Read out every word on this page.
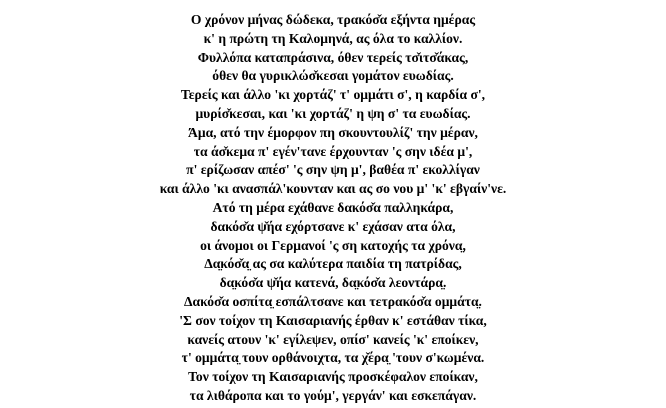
Ο χρόνον μήνας δώδεκα, τρακόσ̌α εξήντα ημέρας
κ' η πρώτη τη Καλομηνά, ας όλα το καλλίον.
Φυλλόπα καταπράσινα, όθεν τερείς τσ̌ιτσ̌άκας,
όθεν θα γυρικλώσ̌κεσαι γομάτον ευωδίας.
Τερείς και άλλο 'κι χορτάζ' τ' ομμάτι σ', η καρδία σ',
μυρίσ̌κεσαι, και 'κι χορτάζ' η ψη σ' τα ευωδίας.
Άμα, ατό την έμορφον πη σκουντουλίζ' την μέραν,
τα άσ̌κεμα π' εγέν'τανε έρχουνταν 'ς σην ιδέα μ',
π' ερίζωσαν απέσ' 'ς σην ψη μ', βαθέα π' εκολλίγαν
και άλλο 'κι ανασπάλ'κουνταν και ας σο νου μ' 'κ' εβγαίν'νε.
Ατό τη μέρα εχάθανε δακόσ̌α παλληκάρα,
δακόσ̌α ψ̌ήα εχόρτσανε κ' εχάσαν ατα όλα,
οι άνομοι οι Γερμανοί 'ς ση κατοχής τα χρόνα̤,
Δα̤κόσ̌α̤ ας σα καλύτερα παιδία τη πατρίδας,
δα̤κόσ̌α ψ̌ήα κατενά, δα̤κόσ̌α λεοντάρα̤.
Δακόσ̌α οσπίτα̤ εσπάλτσανε και τετρακόσ̌α ομμάτα̤.
'Σ σον τοίχον τη Καισαριανής έρθαν κ' εστάθαν τίκα,
κανείς ατουν 'κ' εγίλεψεν, οπίσ' κανείς 'κ' εποίκεν,
τ' ομμάτα̤ τουν ορθάνοιχτα, τα χ̌έρα̤ 'τουν σ'κωμένα.
Τον τοίχον τη Καισαριανής προσκέφαλον εποίκαν,
τα λιθάροπα και το γούμ', γεργάν' και εσκεπάγαν.
